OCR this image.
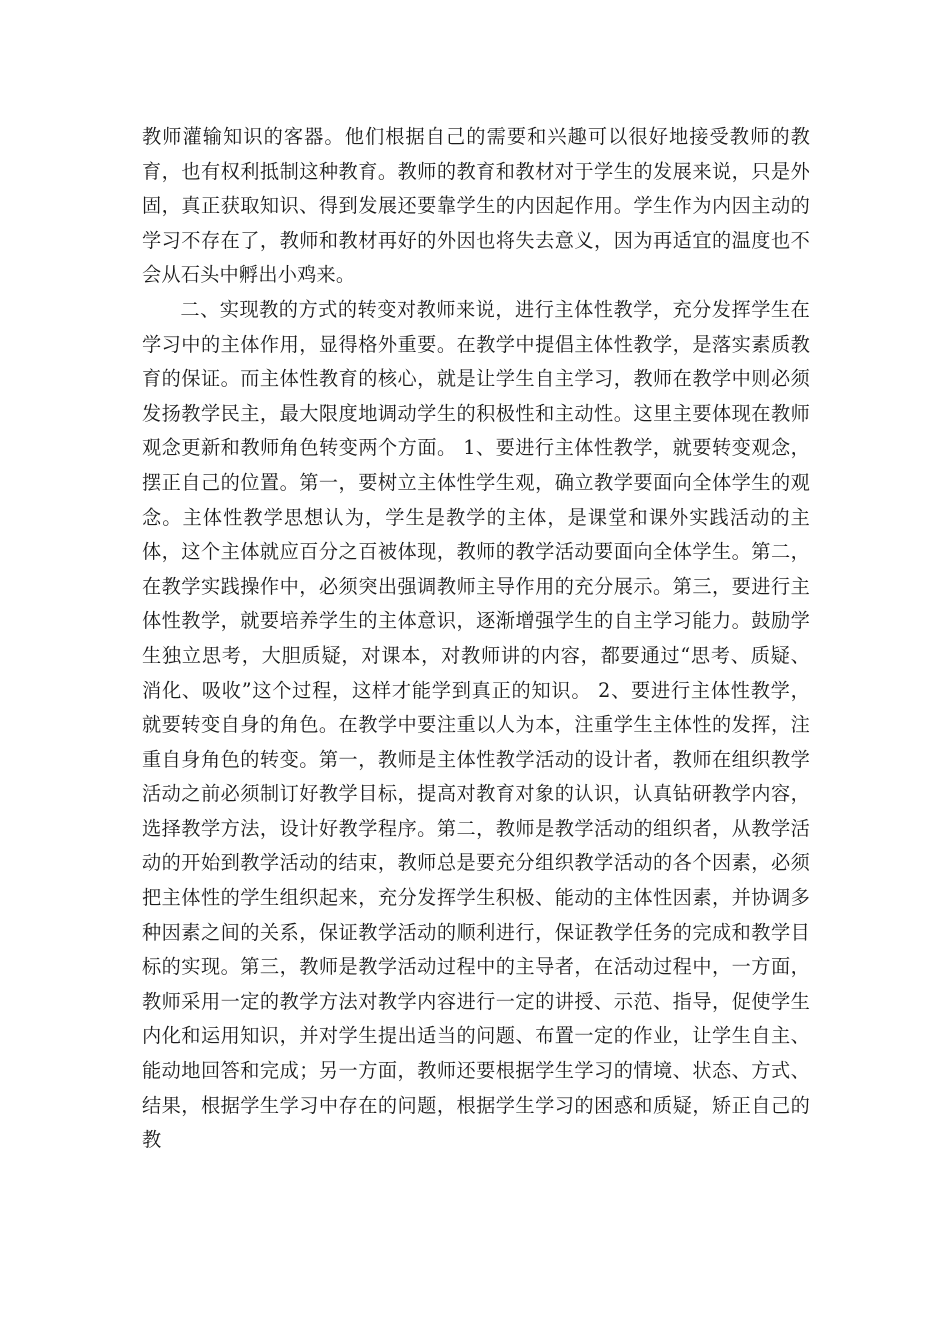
教师灌输知识的客器。他们根据自己的需要和兴趣可以很好地接受教师的教育，也有权利抵制这种教育。教师的教育和教材对于学生的发展来说，只是外固，真正获取知识、得到发展还要靠学生的内因起作用。学生作为内因主动的学习不存在了，教师和教材再好的外因也将失去意义，因为再适宜的温度也不会从石头中孵出小鸡来。

二、实现教的方式的转变对教师来说，进行主体性教学，充分发挥学生在学习中的主体作用，显得格外重要。在教学中提倡主体性教学，是落实素质教育的保证。而主体性教育的核心，就是让学生自主学习，教师在教学中则必须发扬教学民主，最大限度地调动学生的积极性和主动性。这里主要体现在教师观念更新和教师角色转变两个方面。 1、要进行主体性教学，就要转变观念，摆正自己的位置。第一，要树立主体性学生观，确立教学要面向全体学生的观念。主体性教学思想认为，学生是教学的主体，是课堂和课外实践活动的主体，这个主体就应百分之百被体现，教师的教学活动要面向全体学生。第二，在教学实践操作中，必须突出强调教师主导作用的充分展示。第三，要进行主体性教学，就要培养学生的主体意识，逐渐增强学生的自主学习能力。鼓励学生独立思考，大胆质疑，对课本，对教师讲的内容，都要通过“思考、质疑、消化、吸收”这个过程，这样才能学到真正的知识。 2、要进行主体性教学，就要转变自身的角色。在教学中要注重以人为本，注重学生主体性的发挥，注重自身角色的转变。第一，教师是主体性教学活动的设计者，教师在组织教学活动之前必须制订好教学目标，提高对教育对象的认识，认真钻研教学内容，选择教学方法，设计好教学程序。第二，教师是教学活动的组织者，从教学活动的开始到教学活动的结束，教师总是要充分组织教学活动的各个因素，必须把主体性的学生组织起来，充分发挥学生积极、能动的主体性因素，并协调多种因素之间的关系，保证教学活动的顺利进行，保证教学任务的完成和教学目标的实现。第三，教师是教学活动过程中的主导者，在活动过程中，一方面，教师采用一定的教学方法对教学内容进行一定的讲授、示范、指导，促使学生内化和运用知识，并对学生提出适当的问题、布置一定的作业，让学生自主、能动地回答和完成；另一方面，教师还要根据学生学习的情境、状态、方式、结果，根据学生学习中存在的问题，根据学生学习的困惑和质疑，矫正自己的教
